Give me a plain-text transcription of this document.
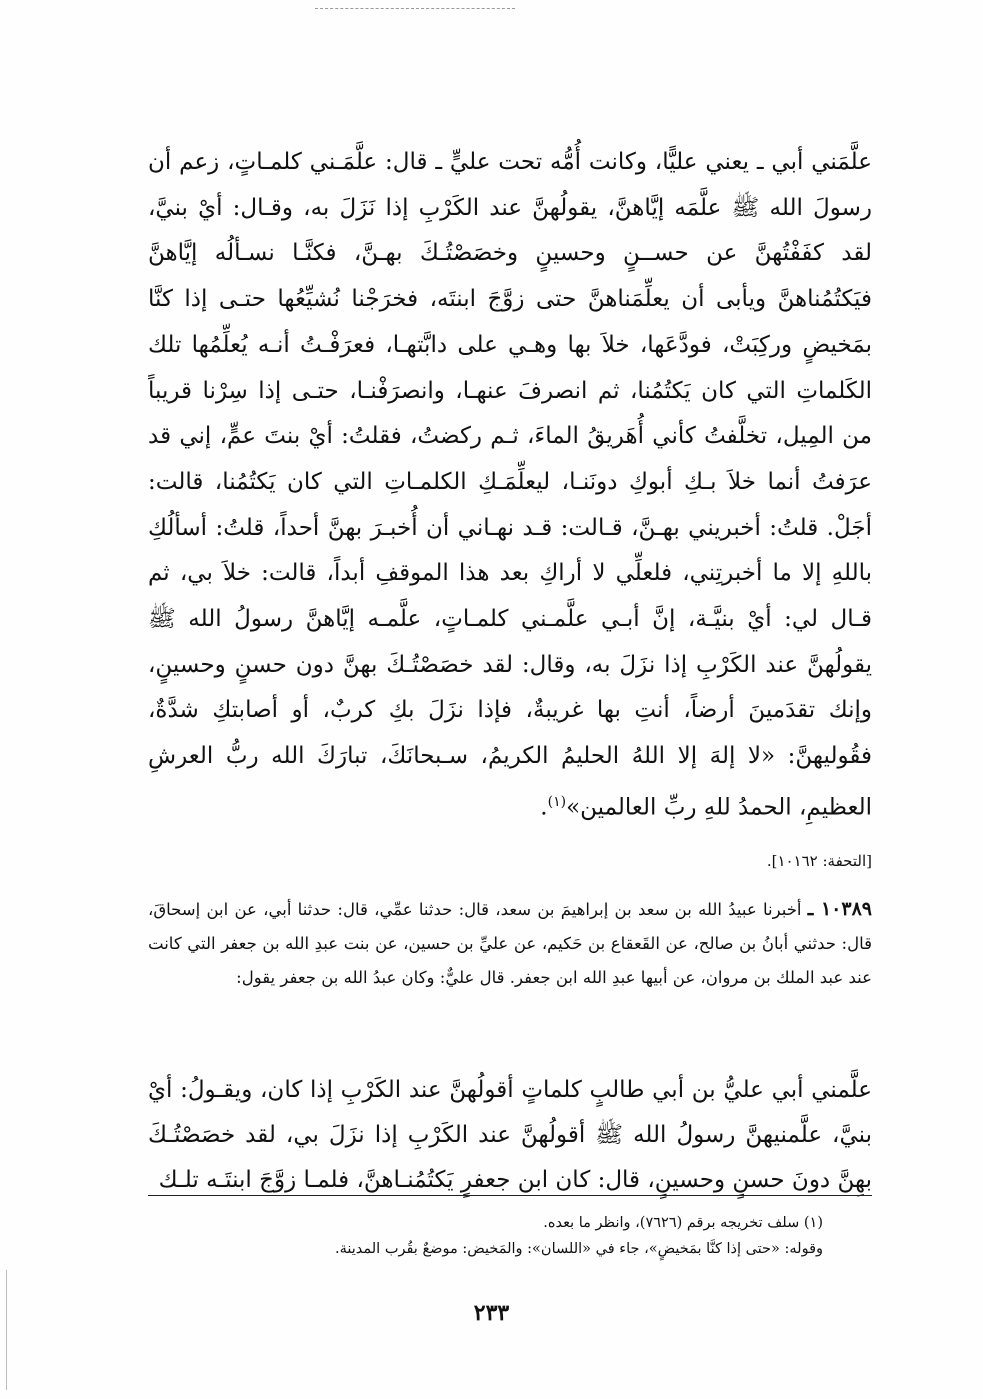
علَّمَني أبي ـ يعني عليًّا، وكانت أُمُّه تحت عليٍّ ـ قال: علَّمَـني كلمـاتٍ، زعم أن رسولَ الله ﷺ علَّمَه إيَّاهنَّ، يقولُهنَّ عند الكَرْبِ إذا نَزَلَ به، وقـال: أيْ بنيَّ، لقد كفَفْتُهنَّ عن حســنٍ وحسينٍ وخصَصْتُـكَ بهـنَّ، فكنَّـا نسـألُه إيَّاهنَّ فيَكتُمُناهنَّ ويأبى أن يعلِّمَناهنَّ حتى زوَّجَ ابنتَه، فخرَجْنا نُشيِّعُها حتـى إذا كنَّا بمَخيضٍ وركِبَتْ، فودَّعَها، خلاَ بها وهـي على دابَّتهـا، فعرَفْـتُ أنـه يُعلِّمُها تلك الكَلماتِ التي كان يَكتُمُنا، ثم انصرفَ عنهـا، وانصرَفْنـا، حتـى إذا سِرْنا قريباً من المِيل، تخلَّفتُ كأني أُهَريقُ الماءَ، ثـم ركضتُ، فقلتُ: أيْ بنتَ عمٍّ، إني قد عرَفتُ أنما خلاَ بـكِ أبوكِ دونَنـا، ليعلِّمَـكِ الكلمـاتِ التي كان يَكتُمُنا، قالت: أجَلْ. قلتُ: أخبريني بهـنَّ، قـالت: قـد نهـاني أن أُخبـرَ بهنَّ أحداً، قلتُ: أسألُكِ باللهِ إلا ما أخبرتِني، فلعلِّي لا أراكِ بعد هذا الموقفِ أبداً، قالت: خلاَ بي، ثم قـال لي: أيْ بنيَّـة، إنَّ أبـي علَّمـني كلمـاتٍ، علَّمـه إيَّاهنَّ رسولُ الله ﷺ يقولُهنَّ عند الكَرْبِ إذا نزَلَ به، وقال: لقد خصَصْتُـكَ بهنَّ دون حسنٍ وحسينٍ، وإنك تقدَمينَ أرضاً، أنتِ بها غريبةٌ، فإذا نزَلَ بكِ كربٌ، أو أصابتكِ شدَّةٌ، فقُوليهنَّ: «لا إلهَ إلا اللهُ الحليمُ الكريمُ، سـبحانَكَ، تبارَكَ الله ربُّ العرشِ العظيمِ، الحمدُ للهِ ربِّ العالمين»$^{(١)}$.

[التحفة: ١٠١٦٢].

١٠٣٨٩ ـ أخبرنا عبيدُ الله بن سعد بن إبراهيمَ بن سعد، قال: حدثنا عمِّي، قال: حدثنا أبي، عن ابن إسحاقَ، قال: حدثني أبانُ بن صالح، عن القَعقاع بن حَكيم، عن عليِّ بن حسين، عن بنت عبدِ الله بن جعفر التي كانت عند عبد الملك بن مروان، عن أبيها عبدِ الله ابن جعفر. قال عليٌّ: وكان عبدُ الله بن جعفر يقول:

علَّمني أبي عليُّ بن أبي طالبٍ كلماتٍ أقولُهنَّ عند الكَرْبِ إذا كان، ويقـولُ: أيْ بنيَّ، علَّمنيهنَّ رسولُ الله ﷺ أقولُهنَّ عند الكَرْبِ إذا نزَلَ بي، لقد خصَصْتُـكَ بهِنَّ دونَ حسنٍ وحسينٍ، قال: كان ابن جعفرٍ يَكتُمُنـاهنَّ، فلمـا زوَّجَ ابنتَـه تلـك

(١) سلف تخريجه برقم (٧٦٢٦)، وانظر ما بعده.

وقوله: «حتى إذا كنَّا بمَخيضٍ»، جاء في «اللسان»: والمَخيض: موضعٌ بقُرب المدينة.

٢٣٣
